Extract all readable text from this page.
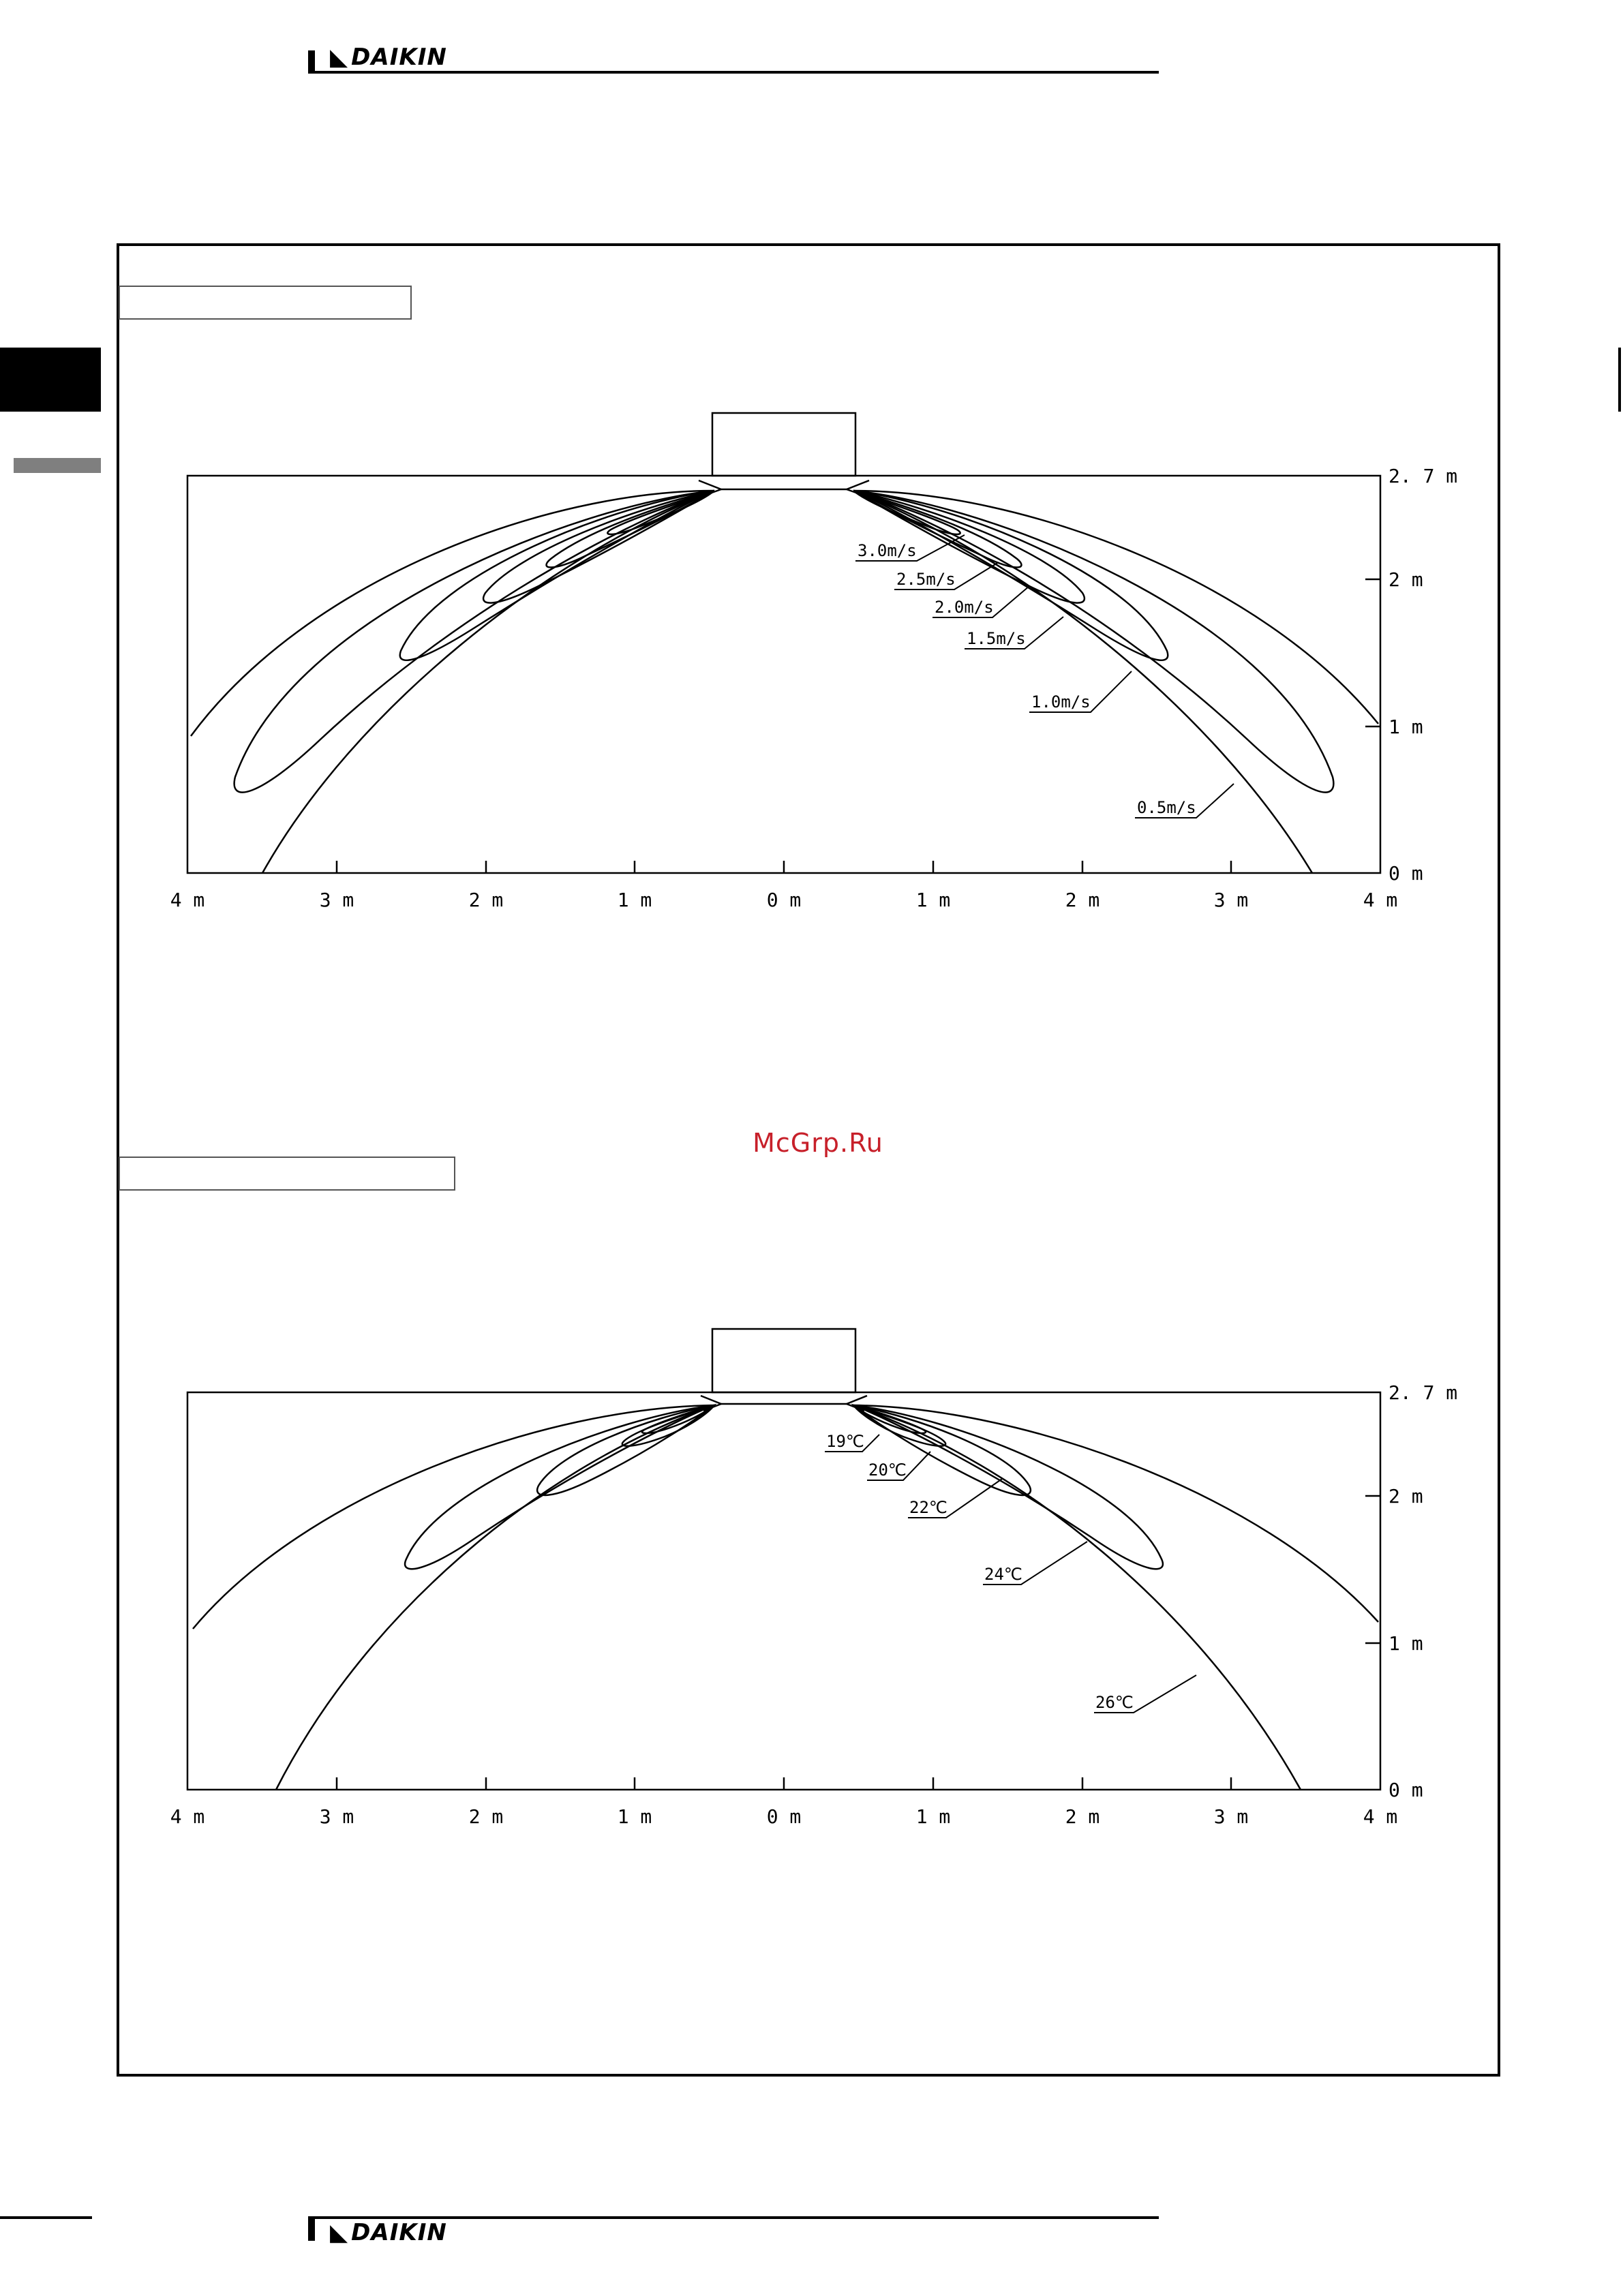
◣ DAIKIN
4 m	3 m	2 m	1 m	0 m	1 m	2 m	3 m	4 m
2. 7 m
2 m
1 m
0 m
3.0m/s
2.5m/s
2.0m/s
1.5m/s
1.0m/s
0.5m/s
4 m	3 m	2 m	1 m	0 m	1 m	2 m	3 m	4 m
2. 7 m
2 m
1 m
0 m
19℃
20℃
22℃
24℃
26℃
McGrp.Ru
◣ DAIKIN
